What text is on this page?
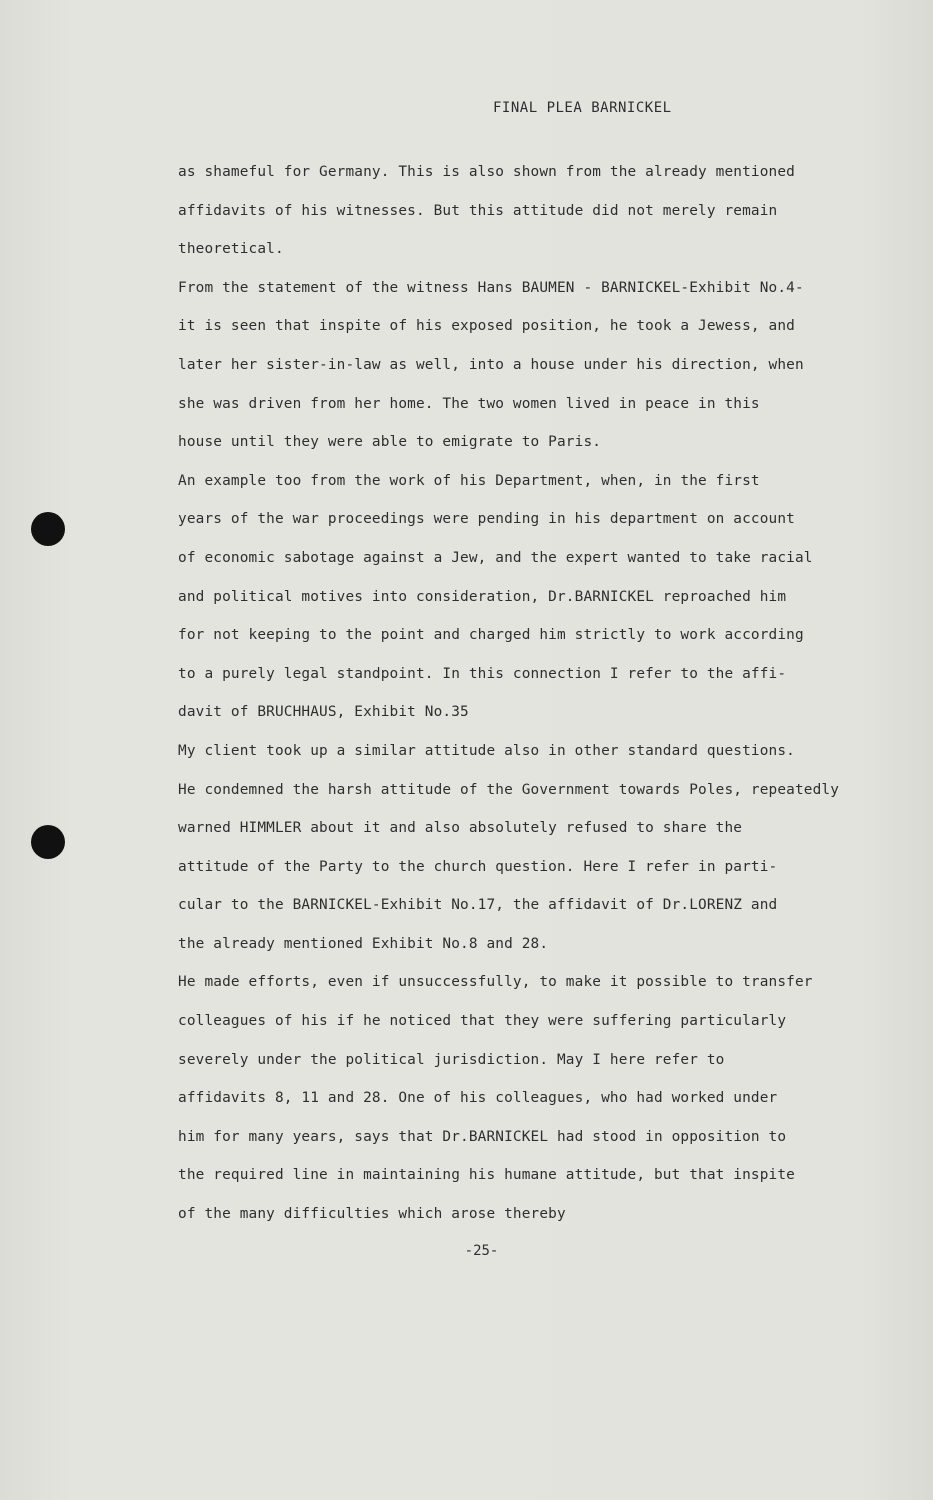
FINAL PLEA BARNICKEL
as shameful for Germany. This is also shown from the already mentioned
affidavits of his witnesses. But this attitude did not merely remain
theoretical.
From the statement of the witness Hans BAUMEN - BARNICKEL-Exhibit No.4-
it is seen that inspite of his exposed position, he took a Jewess, and
later her sister-in-law as well, into a house under his direction, when
she was driven from her home. The two women lived in peace in this
house until they were able to emigrate to Paris.
An example too from the work of his Department, when, in the first
years of the war proceedings were pending in his department on account
of economic sabotage against a Jew, and the expert wanted to take racial
and political motives into consideration, Dr.BARNICKEL reproached him
for not keeping to the point and charged him strictly to work according
to a purely legal standpoint. In this connection I refer to the affi-
davit of BRUCHHAUS, Exhibit No.35
My client took up a similar attitude also in other standard questions.
He condemned the harsh attitude of the Government towards Poles, repeatedly
warned HIMMLER about it and also absolutely refused to share the
attitude of the Party to the church question. Here I refer in parti-
cular to the BARNICKEL-Exhibit No.17, the affidavit of Dr.LORENZ and
the already mentioned Exhibit No.8 and 28.
He made efforts, even if unsuccessfully, to make it possible to transfer
colleagues of his if he noticed that they were suffering particularly
severely under the political jurisdiction. May I here refer to
affidavits 8, 11 and 28. One of his colleagues, who had worked under
him for many years, says that Dr.BARNICKEL had stood in opposition to
the required line in maintaining his humane attitude, but that inspite
of the many difficulties which arose thereby
-25-
